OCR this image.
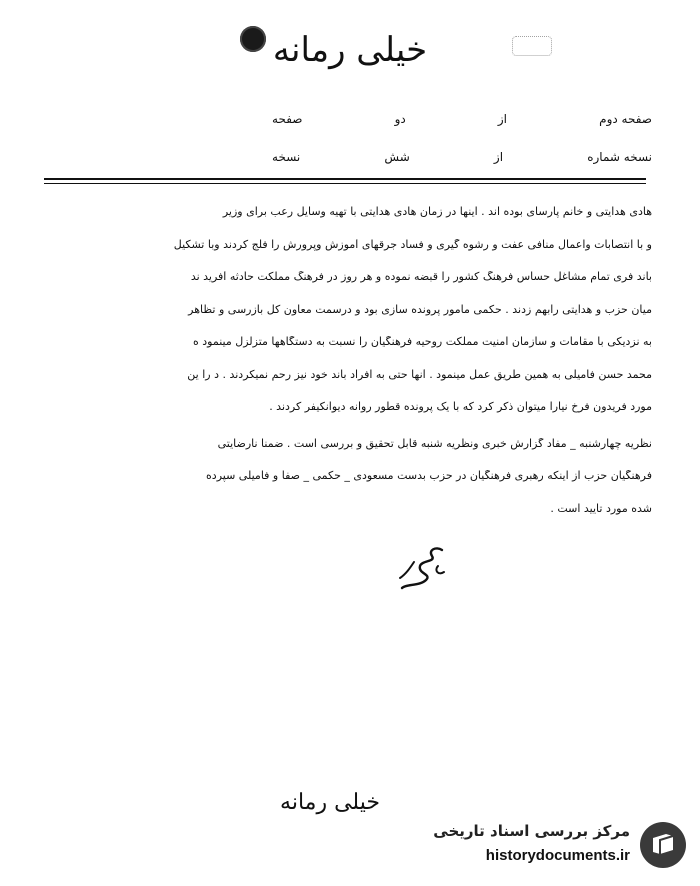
خیلی رمانه
صفحه دوم
از
دو
صفحه
نسخه شماره
از
شش
نسخه
هادی هدایتی و خانم پارسای بوده اند . اینها در زمان هادی هدایتی با تهیه وسایل رعب برای وزیر
و با انتصابات واعمال منافی عفت و رشوه گیری و فساد جرقهای آموزش وپرورش را فلج کردند وبا تشکیل
باند فری تمام مشاغل حساس فرهنگ کشور را قبضه نموده و هر روز در فرهنگ مملکت حادثه آفرید ند
میان حزب و هدایتی رابهم زدند . حکمی مامور پرونده سازی بود و درسمت معاون کل بازرسی و تظاهر
به نزدیکی با مقامات و سازمان امنیت مملکت روحیه فرهنگیان را نسبت به دستگاهها متزلزل مینمود ه
محمد حسن فامیلی به همین طریق عمل مینمود . آنها حتی به افراد باند خود نیز رحم نمیکردند . د را ین
مورد فریدون فرخ نیارا میتوان ذکر کرد که با یک پرونده قطور روانه دیوانکیفر کردند .
نظریه چهارشنبه _ مفاد گزارش خبری ونظریه شنبه قابل تحقیق و بررسی است . ضمنا نارضایتی
فرهنگیان حزب از اینکه رهبری فرهنگیان در حزب بدست مسعودی _ حکمی _ صفا و فامیلی سپرده
شده مورد تایید است .
خیلی رمانه
مرکز بررسی اسناد تاریخی
historydocuments.ir
